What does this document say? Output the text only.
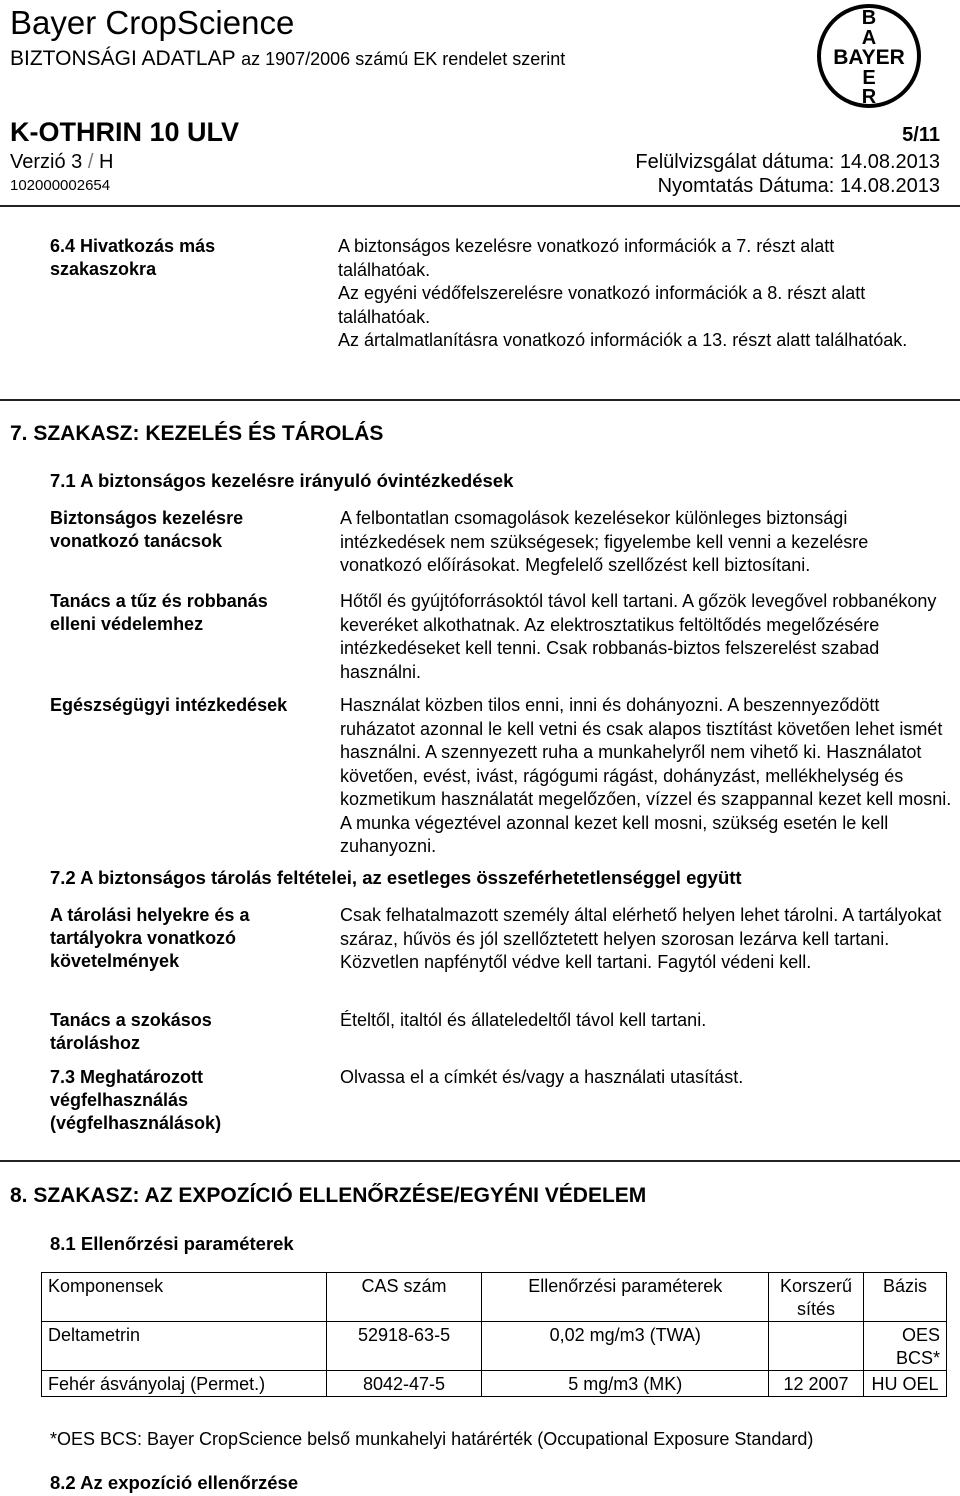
Bayer CropScience
BIZTONSÁGI ADATLAP az 1907/2006 számú EK rendelet szerint
B
A
BAYER
E
R
K-OTHRIN 10 ULV	5/11
Verzió 3 / H	Felülvizsgálat dátuma: 14.08.2013
102000002654	Nyomtatás Dátuma: 14.08.2013
6.4 Hivatkozás más szakaszokra
A biztonságos kezelésre vonatkozó információk a 7. részt alatt találhatóak.
Az egyéni védőfelszerelésre vonatkozó információk a 8. részt alatt találhatóak.
Az ártalmatlanításra vonatkozó információk a 13. részt alatt találhatóak.
7. SZAKASZ: KEZELÉS ÉS TÁROLÁS
7.1 A biztonságos kezelésre irányuló óvintézkedések
Biztonságos kezelésre vonatkozó tanácsok
A felbontatlan csomagolások kezelésekor különleges biztonsági intézkedések nem szükségesek; figyelembe kell venni a kezelésre vonatkozó előírásokat. Megfelelő szellőzést kell biztosítani.
Tanács a tűz és robbanás elleni védelemhez
Hőtől és gyújtóforrásoktól távol kell tartani. A gőzök levegővel robbanékony keveréket alkothatnak. Az elektrosztatikus feltöltődés megelőzésére intézkedéseket kell tenni. Csak robbanás-biztos felszerelést szabad használni.
Egészségügyi intézkedések	Használat közben tilos enni, inni és dohányozni. A beszennyeződött ruházatot azonnal le kell vetni és csak alapos tisztítást követően lehet ismét használni. A szennyezett ruha a munkahelyről nem vihető ki. Használatot követően, evést, ivást, rágógumi rágást, dohányzást, mellékhelység és kozmetikum használatát megelőzően, vízzel és szappannal kezet kell mosni. A munka végeztével azonnal kezet kell mosni, szükség esetén le kell zuhanyozni.
7.2 A biztonságos tárolás feltételei, az esetleges összeférhetetlenséggel együtt
A tárolási helyekre és a tartályokra vonatkozó követelmények
Csak felhatalmazott személy által elérhető helyen lehet tárolni. A tartályokat száraz, hűvös és jól szellőztetett helyen szorosan lezárva kell tartani. Közvetlen napfénytől védve kell tartani. Fagytól védeni kell.
Tanács a szokásos tároláshoz
Ételtől, italtól és állateledeltől távol kell tartani.
7.3 Meghatározott végfelhasználás (végfelhasználások)
Olvassa el a címkét és/vagy a használati utasítást.
8. SZAKASZ: AZ EXPOZÍCIÓ ELLENŐRZÉSE/EGYÉNI VÉDELEM
8.1 Ellenőrzési paraméterek
Komponensek	CAS szám	Ellenőrzési paraméterek	Korszerű sítés	Bázis
Deltametrin	52918-63-5	0,02 mg/m3 (TWA)		OES BCS*
Fehér ásványolaj (Permet.)	8042-47-5	5 mg/m3 (MK)	12 2007	HU OEL
*OES BCS: Bayer CropScience belső munkahelyi határérték (Occupational Exposure Standard)
8.2 Az expozíció ellenőrzése
